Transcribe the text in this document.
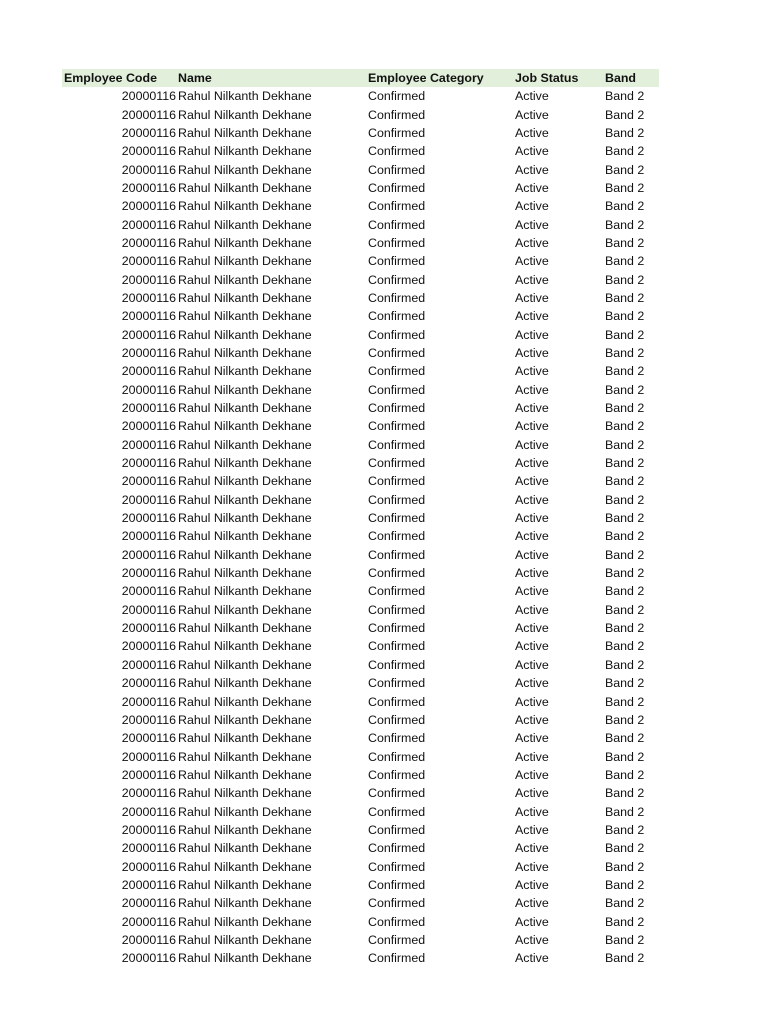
Employee Code	Name	Employee Category	Job Status	Band
20000116 Rahul Nilkanth Dekhane	Confirmed	Active	Band 2
20000116 Rahul Nilkanth Dekhane	Confirmed	Active	Band 2
20000116 Rahul Nilkanth Dekhane	Confirmed	Active	Band 2
20000116 Rahul Nilkanth Dekhane	Confirmed	Active	Band 2
20000116 Rahul Nilkanth Dekhane	Confirmed	Active	Band 2
20000116 Rahul Nilkanth Dekhane	Confirmed	Active	Band 2
20000116 Rahul Nilkanth Dekhane	Confirmed	Active	Band 2
20000116 Rahul Nilkanth Dekhane	Confirmed	Active	Band 2
20000116 Rahul Nilkanth Dekhane	Confirmed	Active	Band 2
20000116 Rahul Nilkanth Dekhane	Confirmed	Active	Band 2
20000116 Rahul Nilkanth Dekhane	Confirmed	Active	Band 2
20000116 Rahul Nilkanth Dekhane	Confirmed	Active	Band 2
20000116 Rahul Nilkanth Dekhane	Confirmed	Active	Band 2
20000116 Rahul Nilkanth Dekhane	Confirmed	Active	Band 2
20000116 Rahul Nilkanth Dekhane	Confirmed	Active	Band 2
20000116 Rahul Nilkanth Dekhane	Confirmed	Active	Band 2
20000116 Rahul Nilkanth Dekhane	Confirmed	Active	Band 2
20000116 Rahul Nilkanth Dekhane	Confirmed	Active	Band 2
20000116 Rahul Nilkanth Dekhane	Confirmed	Active	Band 2
20000116 Rahul Nilkanth Dekhane	Confirmed	Active	Band 2
20000116 Rahul Nilkanth Dekhane	Confirmed	Active	Band 2
20000116 Rahul Nilkanth Dekhane	Confirmed	Active	Band 2
20000116 Rahul Nilkanth Dekhane	Confirmed	Active	Band 2
20000116 Rahul Nilkanth Dekhane	Confirmed	Active	Band 2
20000116 Rahul Nilkanth Dekhane	Confirmed	Active	Band 2
20000116 Rahul Nilkanth Dekhane	Confirmed	Active	Band 2
20000116 Rahul Nilkanth Dekhane	Confirmed	Active	Band 2
20000116 Rahul Nilkanth Dekhane	Confirmed	Active	Band 2
20000116 Rahul Nilkanth Dekhane	Confirmed	Active	Band 2
20000116 Rahul Nilkanth Dekhane	Confirmed	Active	Band 2
20000116 Rahul Nilkanth Dekhane	Confirmed	Active	Band 2
20000116 Rahul Nilkanth Dekhane	Confirmed	Active	Band 2
20000116 Rahul Nilkanth Dekhane	Confirmed	Active	Band 2
20000116 Rahul Nilkanth Dekhane	Confirmed	Active	Band 2
20000116 Rahul Nilkanth Dekhane	Confirmed	Active	Band 2
20000116 Rahul Nilkanth Dekhane	Confirmed	Active	Band 2
20000116 Rahul Nilkanth Dekhane	Confirmed	Active	Band 2
20000116 Rahul Nilkanth Dekhane	Confirmed	Active	Band 2
20000116 Rahul Nilkanth Dekhane	Confirmed	Active	Band 2
20000116 Rahul Nilkanth Dekhane	Confirmed	Active	Band 2
20000116 Rahul Nilkanth Dekhane	Confirmed	Active	Band 2
20000116 Rahul Nilkanth Dekhane	Confirmed	Active	Band 2
20000116 Rahul Nilkanth Dekhane	Confirmed	Active	Band 2
20000116 Rahul Nilkanth Dekhane	Confirmed	Active	Band 2
20000116 Rahul Nilkanth Dekhane	Confirmed	Active	Band 2
20000116 Rahul Nilkanth Dekhane	Confirmed	Active	Band 2
20000116 Rahul Nilkanth Dekhane	Confirmed	Active	Band 2
20000116 Rahul Nilkanth Dekhane	Confirmed	Active	Band 2
